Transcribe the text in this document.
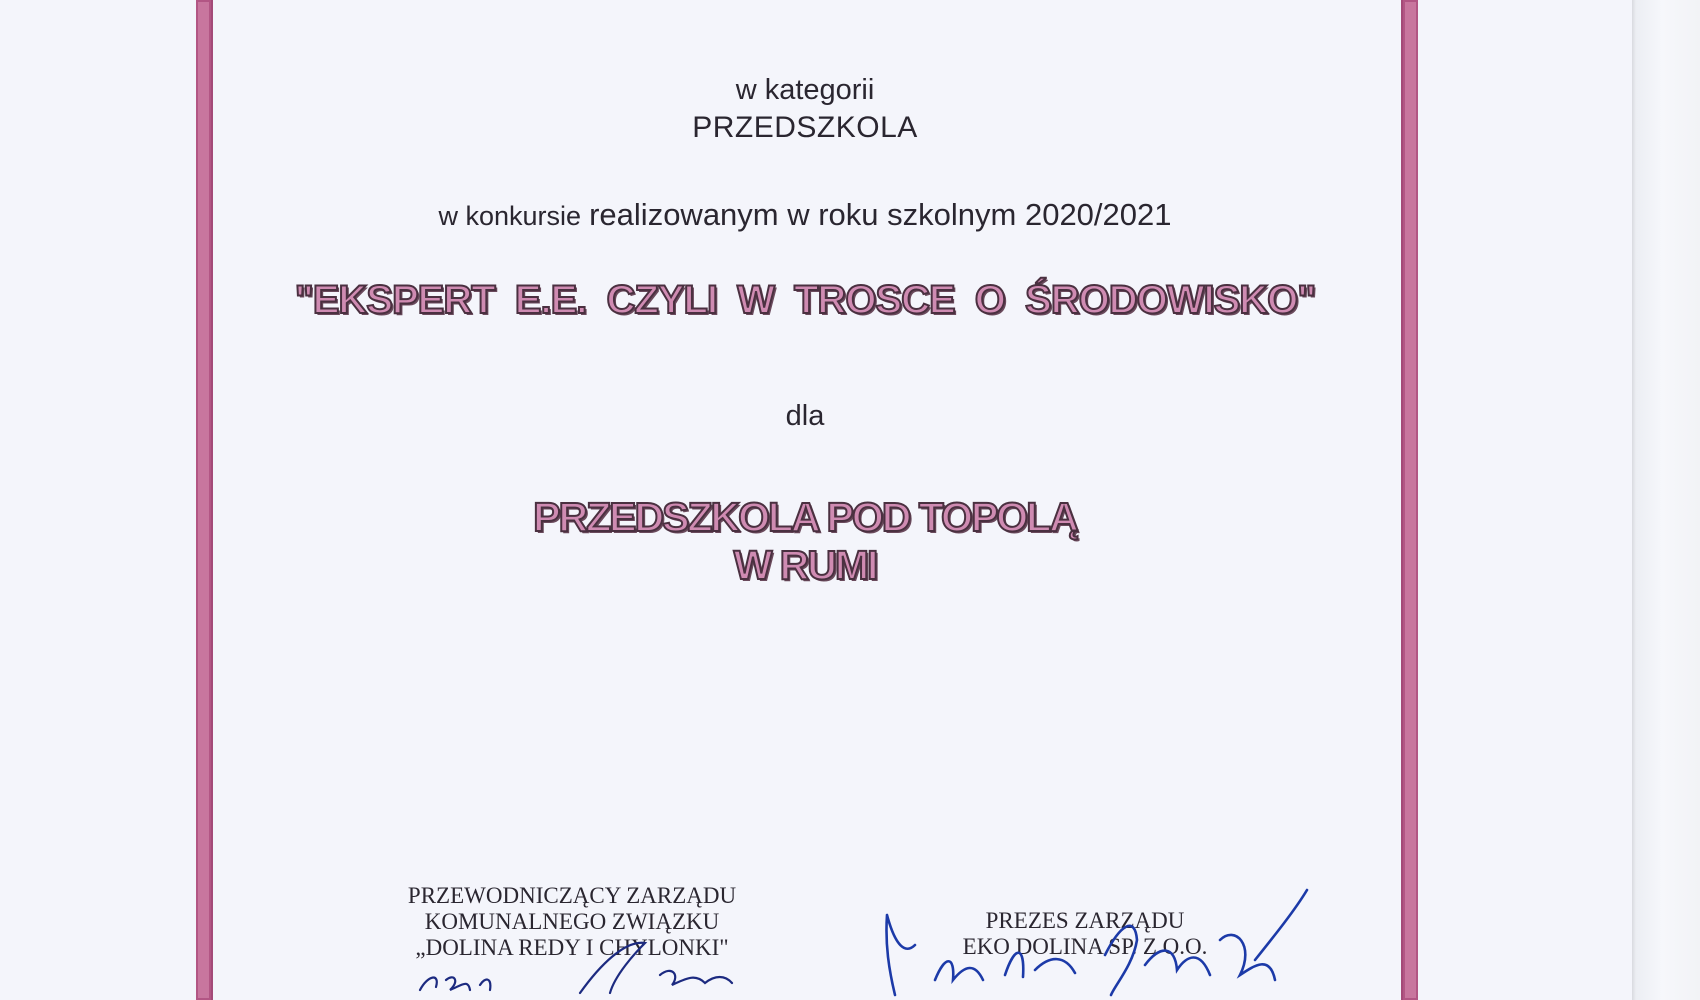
w kategorii
PRZEDSZKOLA
w konkursie realizowanym w roku szkolnym 2020/2021
"EKSPERT E.E. CZYLI W TROSCE O ŚRODOWISKO"
dla
PRZEDSZKOLA POD TOPOLĄ
W RUMI
PRZEWODNICZĄCY ZARZĄDU
KOMUNALNEGO ZWIĄZKU
„DOLINA REDY I CHYLONKI"
PREZES ZARZĄDU
EKO DOLINA SP. Z O.O.
